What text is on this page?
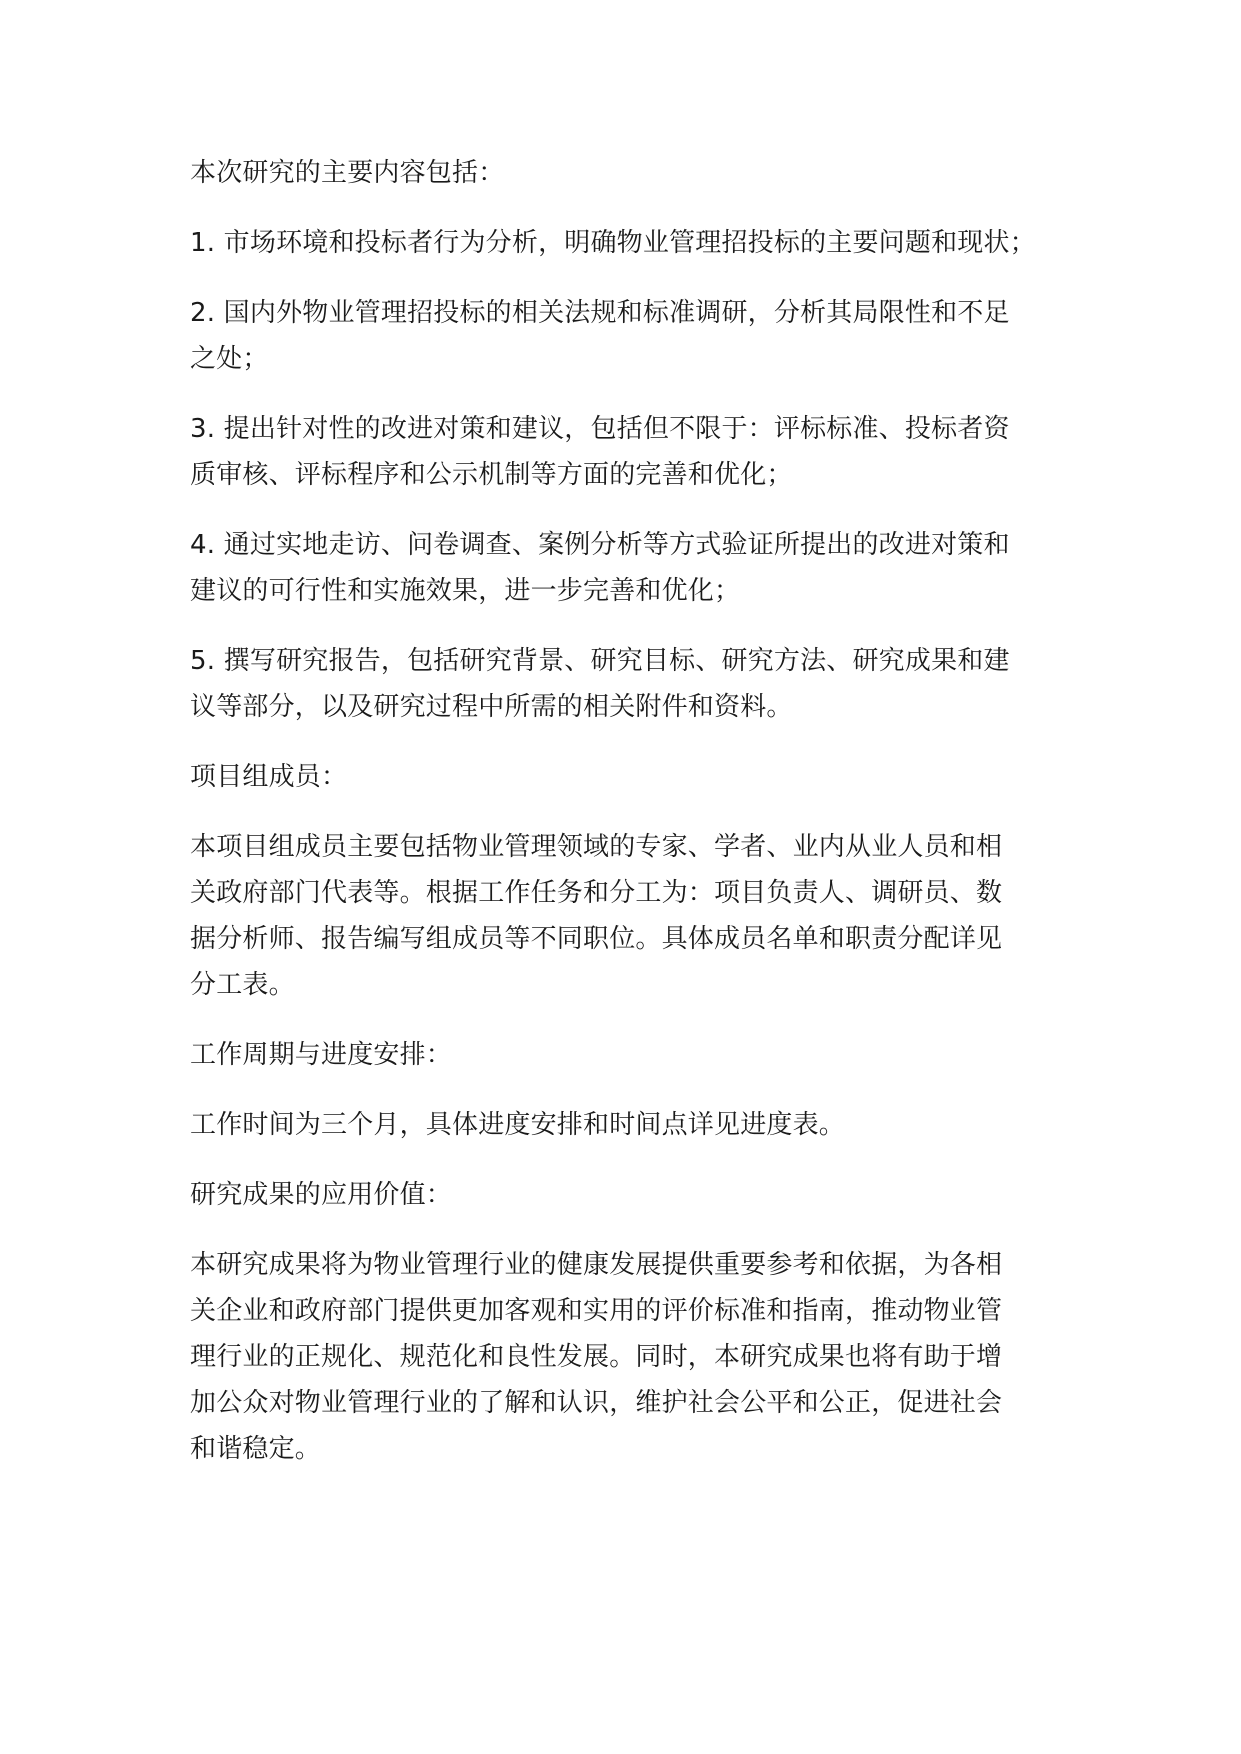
本次研究的主要内容包括：

1. 市场环境和投标者行为分析，明确物业管理招投标的主要问题和现状；

2. 国内外物业管理招投标的相关法规和标准调研，分析其局限性和不足
之处；

3. 提出针对性的改进对策和建议，包括但不限于：评标标准、投标者资
质审核、评标程序和公示机制等方面的完善和优化；

4. 通过实地走访、问卷调查、案例分析等方式验证所提出的改进对策和
建议的可行性和实施效果，进一步完善和优化；

5. 撰写研究报告，包括研究背景、研究目标、研究方法、研究成果和建
议等部分，以及研究过程中所需的相关附件和资料。

项目组成员：

本项目组成员主要包括物业管理领域的专家、学者、业内从业人员和相
关政府部门代表等。根据工作任务和分工为：项目负责人、调研员、数
据分析师、报告编写组成员等不同职位。具体成员名单和职责分配详见
分工表。

工作周期与进度安排：

工作时间为三个月，具体进度安排和时间点详见进度表。

研究成果的应用价值：

本研究成果将为物业管理行业的健康发展提供重要参考和依据，为各相
关企业和政府部门提供更加客观和实用的评价标准和指南，推动物业管
理行业的正规化、规范化和良性发展。同时，本研究成果也将有助于增
加公众对物业管理行业的了解和认识，维护社会公平和公正，促进社会
和谐稳定。
